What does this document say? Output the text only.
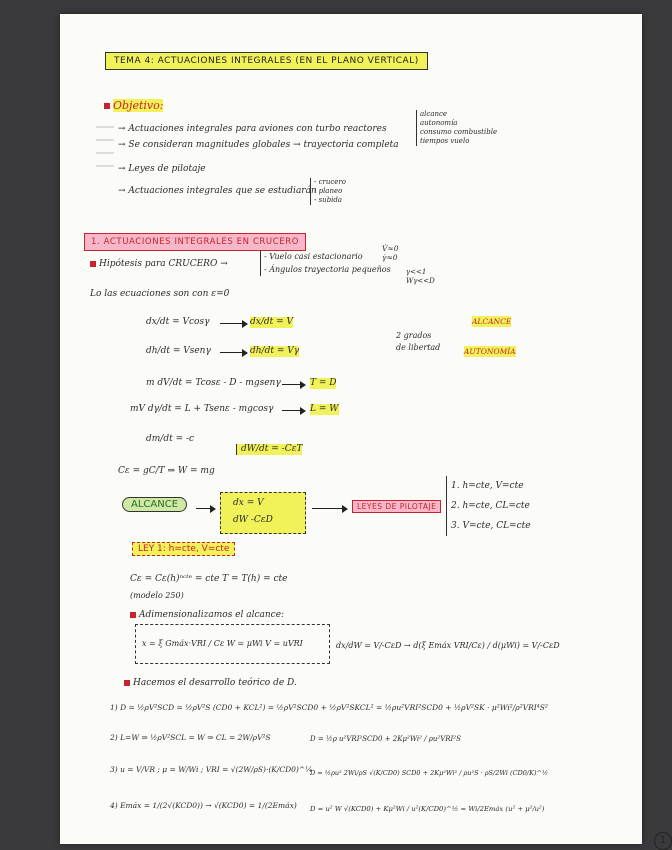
TEMA 4: ACTUACIONES INTEGRALES (EN EL PLANO VERTICAL)
Objetivo:
→ Actuaciones integrales para aviones con turbo reactores
→ Se consideran magnitudes globales → trayectoria completa
→ Leyes de pilotaje
→ Actuaciones integrales que se estudiarán
alcance
autonomía
consumo combustible
tiempos vuelo
- crucero
- planeo
- subida
1. ACTUACIONES INTEGRALES EN CRUCERO
Hipótesis para CRUCERO →
- Vuelo casi estacionario
- Ángulos trayectoria pequeños
V̇≈0
γ̇≈0
γ<<1
Wγ<<D
Lo las ecuaciones son con ε=0
dx/dt = Vcosγ	dx/dt = V
dh/dt = Vsenγ	dh/dt = Vγ
m dV/dt = Tcosε - D - mgsenγ	T = D
mV dγ/dt = L + Tsenε - mgcosγ	L = W
dm/dt = -c
Cε = gC/T ⇒ W = mg
dW/dt = -CεT
2 grados de libertad
ALCANCE
AUTONOMÍA
ALCANCE	dx = V
dW -CεD
LEYES DE PILOTAJE
1. h=cte, V=cte
2. h=cte, CL=cte
3. V=cte, CL=cte
LEY 1: h=cte, V=cte
Cε = Cε(h)ⁿᶜᵗᵉ = cte T = T(h) = cte
(modelo 250)
Adimensionalizamos el alcance:
x = ξ Gmáx·VRI / Cε W = μWi V = uVRI	dx/dW = V/-CεD → d(ξ Emáx VRI/Cε) / d(μWi) = V/-CεD
Hacemos el desarrollo teórico de D.
1) D = ½ρV²SCD = ½ρV²S (CD0 + KCL²) = ½ρV²SCD0 + ½ρV²SKCL² = ½ρu²VRI²SCD0 + ½ρV²SK · μ²Wi²/ρ²VRI⁴S²
2) L=W ⇒ ½ρV²SCL = W ⇒ CL = 2W/ρV²S
3) u = V/VR ; μ = W/Wi ; VRI = √(2W/ρS)·(K/CD0)^¼
4) Emáx = 1/(2√(KCD0)) → √(KCD0) = 1/(2Emáx)
D = ½ρ u²VRI²SCD0 + 2Kμ²Wi² / ρu²VRI²S
D = ½ρu² 2Wi/ρS √(K/CD0) SCD0 + 2Kμ²Wi² / ρu²S · ρS/2Wi (CD0/K)^½
D = u² W √(KCD0) + Kμ²Wi / u²(K/CD0)^½ = Wi/2Emáx (u² + μ²/u²)
1
